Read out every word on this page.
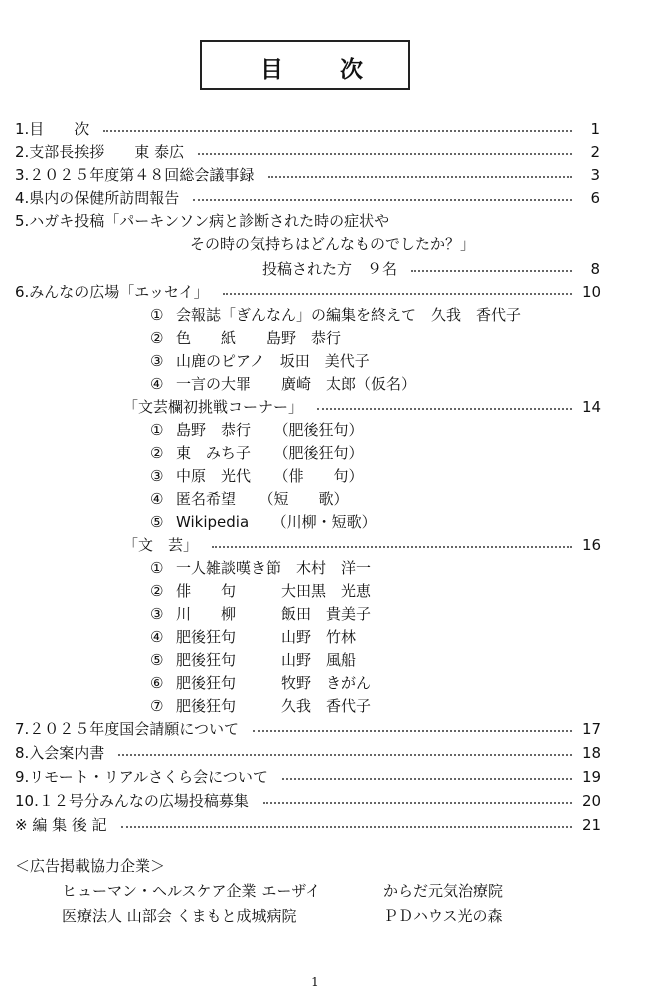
目 次
1.目　　次	1
2.支部長挨拶　　東 泰広	2
3.２０２５年度第４８回総会議事録	3
4.県内の保健所訪問報告	6
5.ハガキ投稿「パーキンソン病と診断された時の症状や
その時の気持ちはどんなものでしたか？」
投稿された方　９名	8
6.みんなの広場「エッセイ」	10
① 会報誌「ぎんなん」の編集を終えて　久我　香代子
② 色　　紙　　島野　恭行
③ 山鹿のピアノ　坂田　美代子
④ 一言の大罪　　廣崎　太郎（仮名）
「文芸欄初挑戦コーナー」	14
① 島野　恭行　　（肥後狂句）
② 東　みち子　　（肥後狂句）
③ 中原　光代　　（俳　　句）
④ 匿名希望　　（短　　歌）
⑤ Wikipedia　　（川柳・短歌）
「文　芸」	16
① 一人雑談嘆き節　木村　洋一
② 俳　　句　　　大田黒　光恵
③ 川　　柳　　　飯田　貴美子
④ 肥後狂句　　　山野　竹林
⑤ 肥後狂句　　　山野　風船
⑥ 肥後狂句　　　牧野　きがん
⑦ 肥後狂句　　　久我　香代子
7.２０２５年度国会請願について	17
8.入会案内書	18
9.リモート・リアルさくら会について	19
10.１２号分みんなの広場投稿募集	20
※ 編 集 後 記	21
＜広告掲載協力企業＞
ヒューマン・ヘルスケア企業 エーザイ	からだ元気治療院
医療法人 山部会 くまもと成城病院	ＰＤハウス光の森
1
